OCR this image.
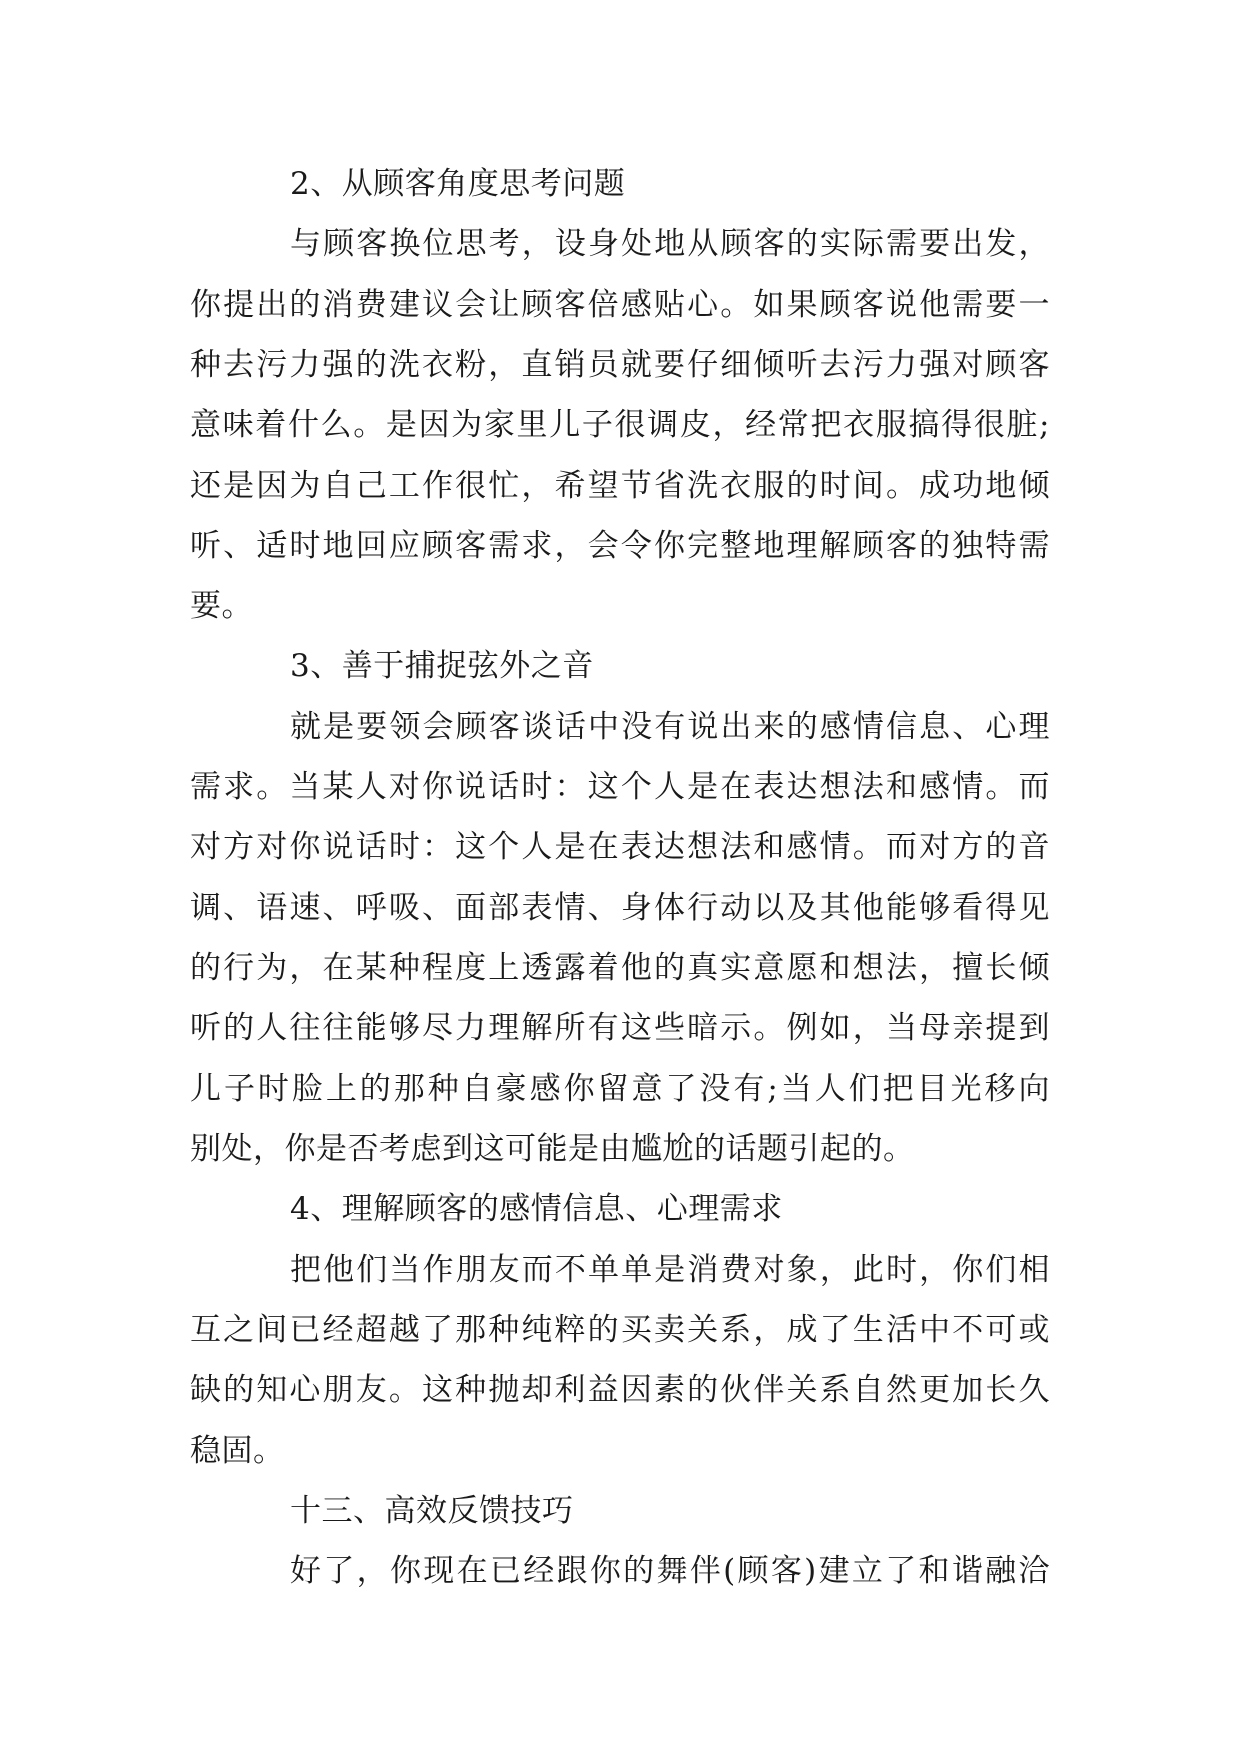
2、从顾客角度思考问题
与顾客换位思考，设身处地从顾客的实际需要出发，
你提出的消费建议会让顾客倍感贴心。如果顾客说他需要一
种去污力强的洗衣粉，直销员就要仔细倾听去污力强对顾客
意味着什么。是因为家里儿子很调皮，经常把衣服搞得很脏;
还是因为自己工作很忙，希望节省洗衣服的时间。成功地倾
听、适时地回应顾客需求，会令你完整地理解顾客的独特需
要。
3、善于捕捉弦外之音
就是要领会顾客谈话中没有说出来的感情信息、心理
需求。当某人对你说话时：这个人是在表达想法和感情。而
对方对你说话时：这个人是在表达想法和感情。而对方的音
调、语速、呼吸、面部表情、身体行动以及其他能够看得见
的行为，在某种程度上透露着他的真实意愿和想法，擅长倾
听的人往往能够尽力理解所有这些暗示。例如，当母亲提到
儿子时脸上的那种自豪感你留意了没有;当人们把目光移向
别处，你是否考虑到这可能是由尴尬的话题引起的。
4、理解顾客的感情信息、心理需求
把他们当作朋友而不单单是消费对象，此时，你们相
互之间已经超越了那种纯粹的买卖关系，成了生活中不可或
缺的知心朋友。这种抛却利益因素的伙伴关系自然更加长久
稳固。
十三、高效反馈技巧
好了，你现在已经跟你的舞伴(顾客)建立了和谐融洽
